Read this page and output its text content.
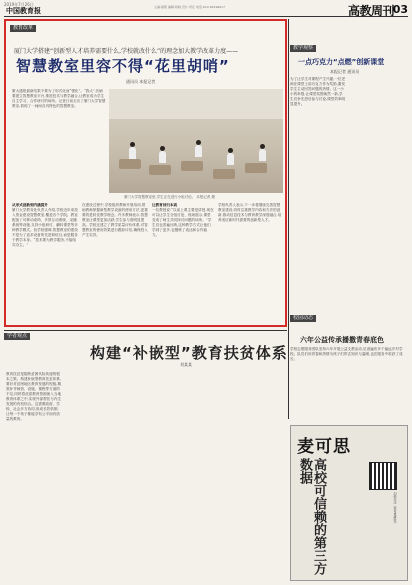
2019年7月26日
中国教育报	主编:翟帆 编辑:杨晓 设计:责任 电话:010-82296617	高教周刊
03
教育改革
厦门大学搭建“创新型人才培养需要什么,学校就改什么”的理念加大教学改革力度——
智慧教室里容不得“花里胡哨”
通讯员 本报记者
厦大通报最新结果不要为了形式化而“强化”。“我大”,因而要建立智慧教室平台,推进技术与教学融合,让教室成为学生自主学习、合作研讨的场所。记者日前走访了厦门大学智慧教室,看到了一间间各具特色的智慧教室。
厦门大学智慧教室里,学生正在进行小组讨论。 本报记者 摄
从形式创新到内涵提升
厦门大学教务处负责人介绍,学校近年来投入资金建设智慧教室,覆盖各个学院。教室配备了可移动桌椅、多屏互动系统、录播系统等设施,支持小组研讨、翻转课堂等多种教学模式。但学校强调,智慧教室的建设不是为了追求设备的先进和炫目,而是服务于教学本身。“技术要为教学服务,不能喧宾夺主。”
在建设过程中,学校组织教师开展培训,帮助教师掌握新型教学设备的使用方法,更重要的是转变教学理念。许多教师表示,智慧教室让课堂更加活跃,学生参与度明显提高。学校还建立了教学质量评价体系,对智慧教室的使用效果进行跟踪评估,确保投入产生实效。
让教育回归本真
一位教授说:“以前上课主要是讲授,现在可以让学生分组讨论、现场展示,课堂变成了师生共同探讨问题的场所。”学生们也普遍反映,这种教学方式让他们学到了更多,也锻炼了表达和合作能力。
学校负责人表示,下一步将继续完善智慧教室建设,同时注重教学内容和方法的创新,推动信息技术与教育教学深度融合,培养适应新时代需要的创新型人才。
教学观察
一点巧克力“点燃”创新课堂
本报记者 通讯员
为了让学生对课程产生兴趣,一位老师在课堂上用巧克力作为奖励,激发学生主动回答问题的热情。这一小小的举措,让课堂氛围焕然一新,学生们争先恐后参与讨论,课堂效率明显提升。
校园动态
六年公益传承播撒青春底色
学校志愿服务团队坚持六年开展公益支教活动,足迹遍布多个偏远乡村学校。队员们用青春和热情为孩子们带去知识与温暖,也在服务中收获了成长。
学者观点
构建“补嵌型”教育扶贫体系
刘某某
教育扶贫是阻断贫困代际传递的根本之策。构建补嵌型教育扶贫体系,要针对贫困地区教育发展的短板,精准补齐师资、设施、课程等方面的不足,同时将优质教育资源嵌入当地教育体系之中,实现外部帮扶与内生发展的有机结合。这需要政府、学校、社会多方协同,形成长效机制,让每一个孩子都能享有公平而有质量的教育。
麦可思
高校可信赖的第三方数据
扫码关注《麦可思研究》
